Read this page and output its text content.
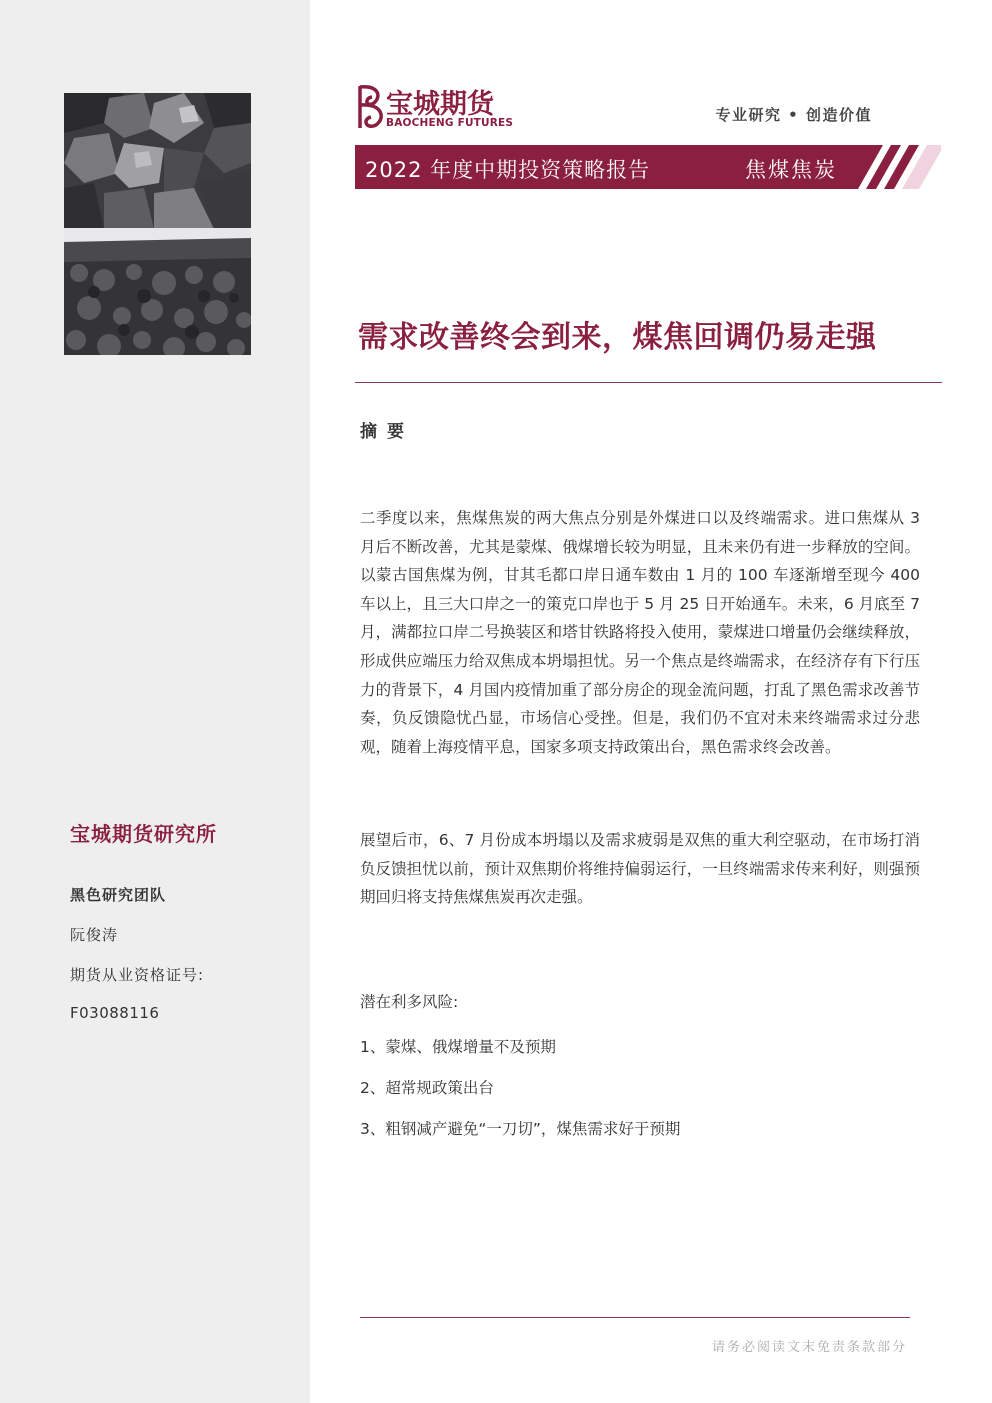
宝城期货研究所

黑色研究团队

阮俊涛

期货从业资格证号:

F03088116

宝城期货

BAOCHENG FUTURES	专业研究 • 创造价值

2022 年度中期投资策略报告	焦煤焦炭

需求改善终会到来，煤焦回调仍易走强
摘要

二季度以来，焦煤焦炭的两大焦点分别是外煤进口以及终端需求。进口焦煤从 3 月后不断改善，尤其是蒙煤、俄煤增长较为明显，且未来仍有进一步释放的空间。以蒙古国焦煤为例，甘其毛都口岸日通车数由 1 月的 100 车逐渐增至现今 400 车以上，且三大口岸之一的策克口岸也于 5 月 25 日开始通车。未来，6 月底至 7 月，满都拉口岸二号换装区和塔甘铁路将投入使用，蒙煤进口增量仍会继续释放，形成供应端压力给双焦成本坍塌担忧。另一个焦点是终端需求，在经济存有下行压力的背景下，4 月国内疫情加重了部分房企的现金流问题，打乱了黑色需求改善节奏，负反馈隐忧凸显，市场信心受挫。但是，我们仍不宜对未来终端需求过分悲观，随着上海疫情平息，国家多项支持政策出台，黑色需求终会改善。

展望后市，6、7 月份成本坍塌以及需求疲弱是双焦的重大利空驱动，在市场打消负反馈担忧以前，预计双焦期价将维持偏弱运行，一旦终端需求传来利好，则强预期回归将支持焦煤焦炭再次走强。

潜在利多风险:

1、蒙煤、俄煤增量不及预期
2、超常规政策出台
3、粗钢减产避免“一刀切”，煤焦需求好于预期

请务必阅读文末免责条款部分
